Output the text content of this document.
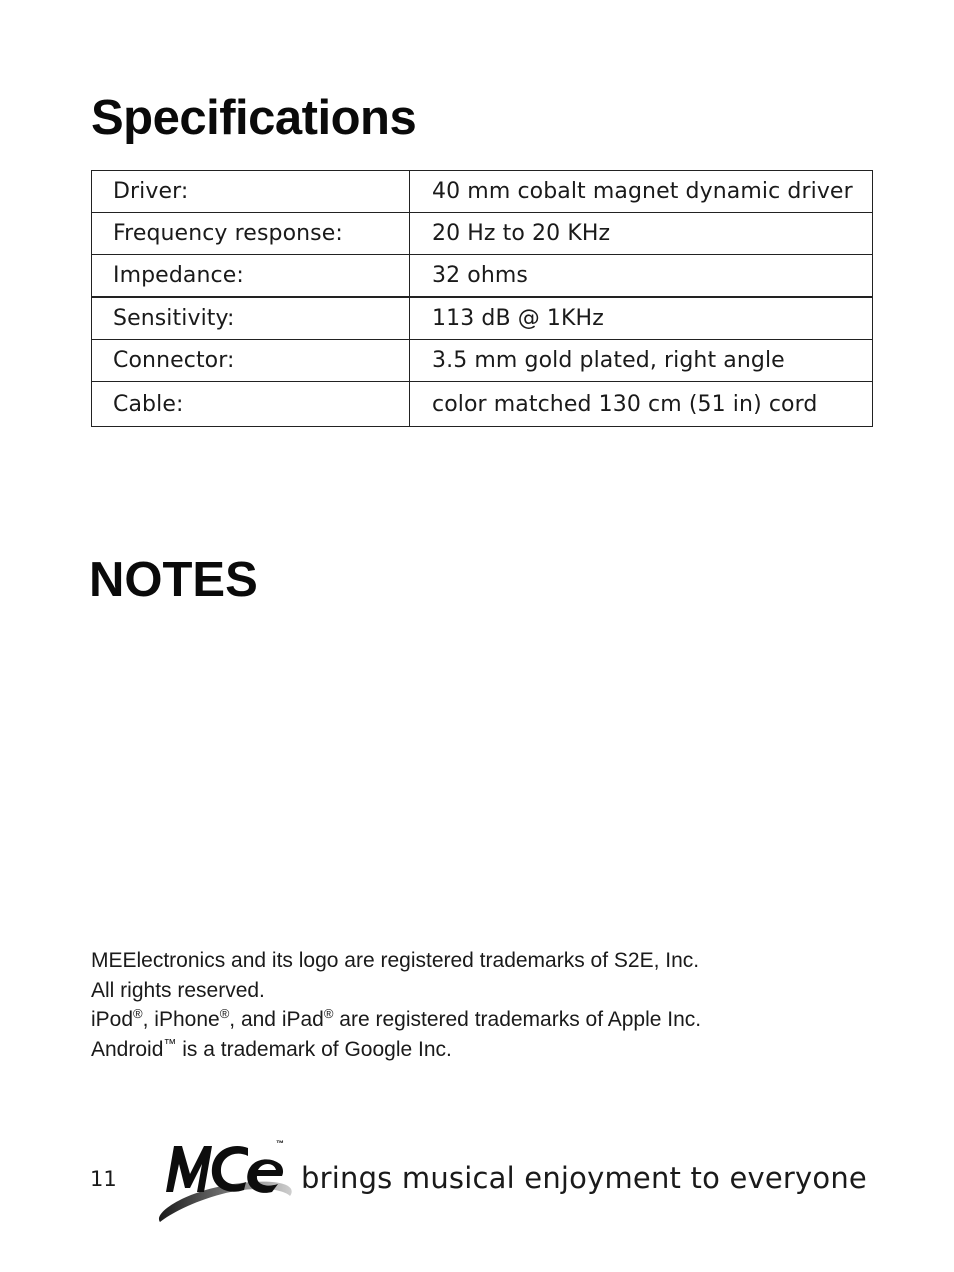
Specifications
Driver:	40 mm cobalt magnet dynamic driver
Frequency response:	20 Hz to 20 KHz
Impedance:	32 ohms
Sensitivity:	113 dB @ 1KHz
Connector:	3.5 mm gold plated, right angle
Cable:	color matched 130 cm (51 in) cord
NOTES

MEElectronics and its logo are registered trademarks of S2E, Inc.

All rights reserved.

iPod®, iPhone®, and iPad® are registered trademarks of Apple Inc.

Android™ is a trademark of Google Inc.

11
™
brings musical enjoyment to everyone
